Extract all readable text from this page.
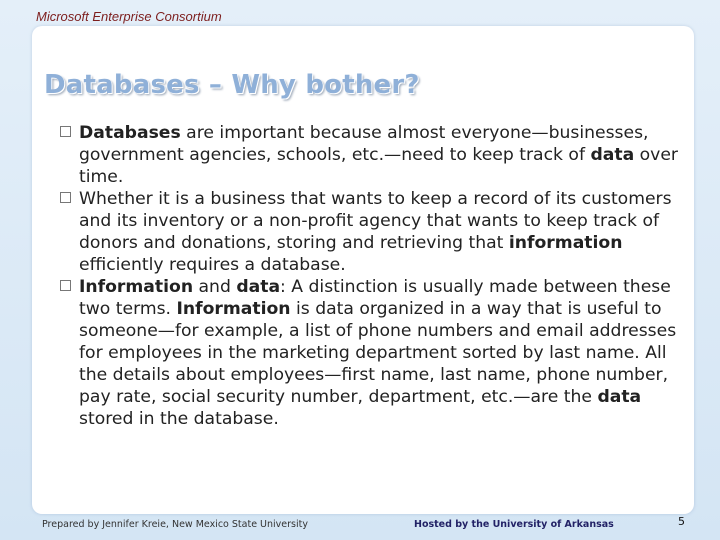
Microsoft Enterprise Consortium
Databases – Why bother?
Databases are important because almost everyone—businesses, government agencies, schools, etc.—need to keep track of data over time.
Whether it is a business that wants to keep a record of its customers and its inventory or a non-profit agency that wants to keep track of donors and donations, storing and retrieving that information efficiently requires a database.
Information and data: A distinction is usually made between these two terms. Information is data organized in a way that is useful to someone—for example, a list of phone numbers and email addresses for employees in the marketing department sorted by last name. All the details about employees—first name, last name, phone number, pay rate, social security number, department, etc.—are the data stored in the database.
Prepared by Jennifer Kreie, New Mexico State University	Hosted by the University of Arkansas	5
